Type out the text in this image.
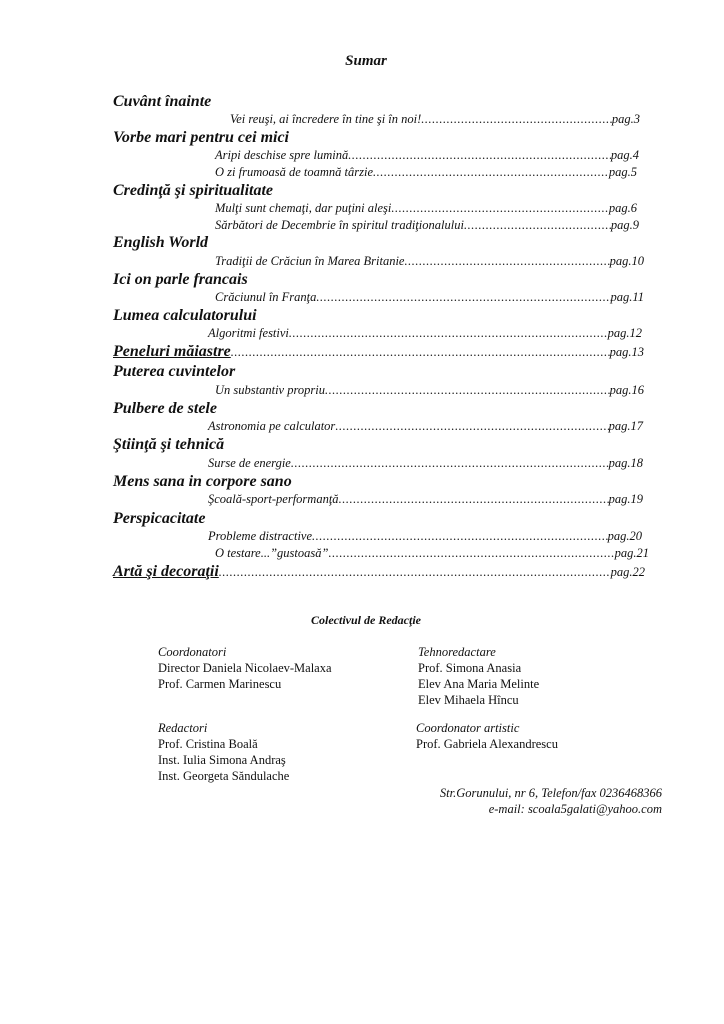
Sumar
Cuvânt înainte
Vei reuşi, ai încredere în tine şi în noi! .....	pag.3
Vorbe mari pentru cei mici
Aripi deschise spre lumină .....	pag.4
O zi frumoasă de toamnă târzie .....	pag.5
Credinţă şi spiritualitate
Mulţi sunt chemaţi, dar puţini aleşi .....	pag.6
Sărbători de Decembrie în spiritul tradiţionalului .....	pag.9
English World
Tradiţii de Crăciun în Marea Britanie .....	pag.10
Ici on parle francais
Crăciunul în Franţa .....	pag.11
Lumea calculatorului
Algoritmi festivi .....	pag.12
Peneluri măiastre .....	pag.13
Puterea cuvintelor
Un substantiv propriu .....	pag.16
Pulbere de stele
Astronomia pe calculator .....	pag.17
Ştiinţă şi tehnică
Surse de energie .....	pag.18
Mens sana in corpore sano
Şcoală-sport-performanţă .....	pag.19
Perspicacitate
Probleme distractive .....	pag.20
O testare...”gustoasă” .....	pag.21
Artă şi decoraţii .....	pag.22
Colectivul de Redacţie
Coordonatori
Director Daniela Nicolaev-Malaxa
Prof. Carmen Marinescu
Tehnoredactare
Prof. Simona Anasia
Elev Ana Maria Melinte
Elev Mihaela Hîncu
Redactori
Prof. Cristina Boală
Inst. Iulia Simona Andraş
Inst. Georgeta Săndulache
Coordonator artistic
Prof. Gabriela Alexandrescu
Str.Gorunului, nr 6, Telefon/fax 0236468366
e-mail: scoala5galati@yahoo.com
